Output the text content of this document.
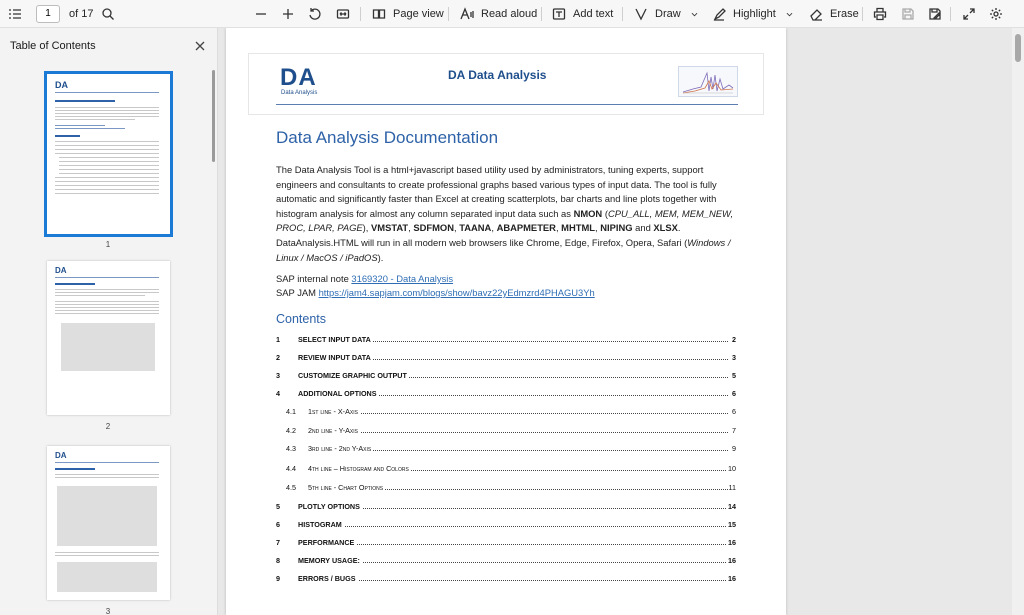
1
of 17	Page view	Read aloud	Add text	Draw	Highlight	Erase
Table of Contents
DA
1
DA
2
DA
3
DA
Data Analysis
DA Data Analysis
Data Analysis Documentation
The Data Analysis Tool is a html+javascript based utility used by administrators, tuning experts, support engineers and consultants to create professional graphs based various types of input data. The tool is fully automatic and significantly faster than Excel at creating scatterplots, bar charts and line plots together with histogram analysis for almost any column separated input data such as NMON (CPU_ALL, MEM, MEM_NEW, PROC, LPAR, PAGE), VMSTAT, SDFMON, TAANA, ABAPMETER, MHTML, NIPING and XLSX. DataAnalysis.HTML will run in all modern web browsers like Chrome, Edge, Firefox, Opera, Safari (Windows / Linux / MacOS / iPadOS).
SAP internal note 3169320 - Data Analysis
SAP JAM https://jam4.sapjam.com/blogs/show/bavz22yEdmzrd4PHAGU3Yh
Contents
1	SELECT INPUT DATA	2
2	REVIEW INPUT DATA	3
3	CUSTOMIZE GRAPHIC OUTPUT	5
4	ADDITIONAL OPTIONS	6
4.1 1st line - X-Axis	6
4.2 2nd line - Y-Axis	7
4.3 3rd line - 2nd Y-Axis	9
4.4 4th line – Histogram and Colors	10
4.5 5th line - Chart Options	11
5	PLOTLY OPTIONS	14
6	HISTOGRAM	15
7	PERFORMANCE	16
8	MEMORY USAGE:	16
9	ERRORS / BUGS	16
